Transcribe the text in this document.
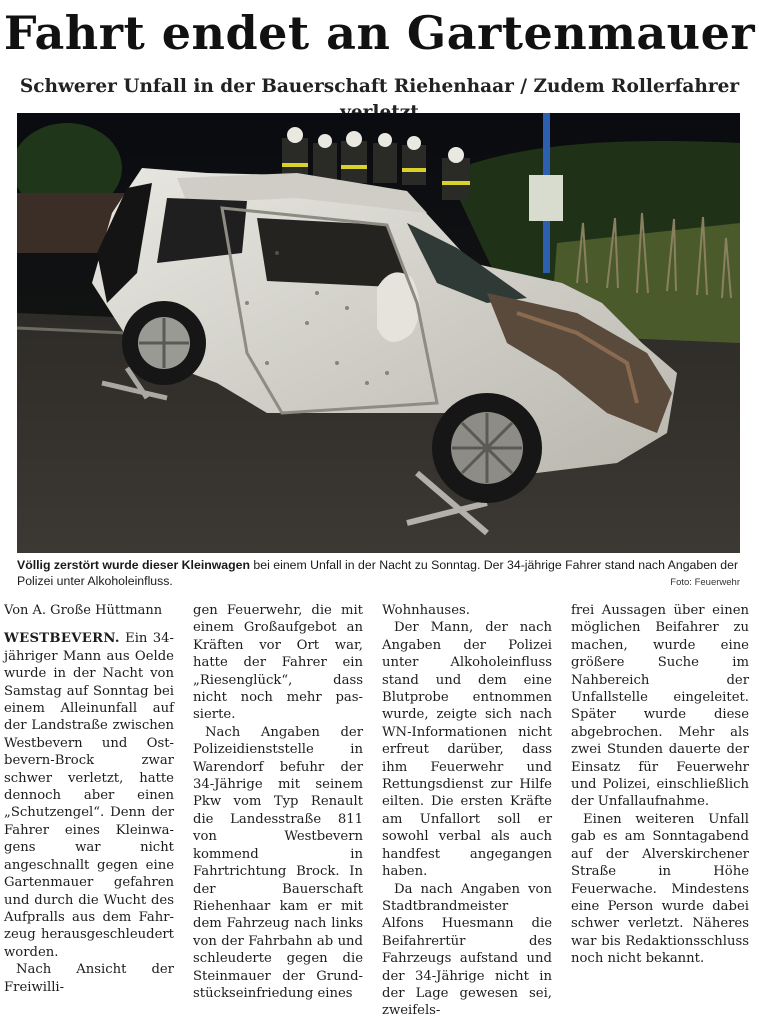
Fahrt endet an Gartenmauer
Schwerer Unfall in der Bauerschaft Riehenhaar / Zudem Rollerfahrer
Völlig zerstört wurde dieser Kleinwagen bei einem Unfall in der Nacht zu Sonntag. Der 34-jährige Fahrer stand nach Angaben der Polizei unter Alkoholeinfluss.	Foto: Feuerwehr

Von A. Große Hüttmann

WESTBEVERN. Ein 34-jähriger Mann aus Oelde wurde in der Nacht von Samstag auf Sonntag bei einem Alleinunfall auf der Landstraße zwischen Westbevern und Ostbevern-Brock zwar schwer verletzt, hatte dennoch aber einen „Schutzengel“. Denn der Fahrer eines Kleinwagens war nicht angeschnallt gegen eine Gartenmauer gefahren und durch die Wucht des Aufpralls aus dem Fahrzeug herausgeschleudert worden.

Nach Ansicht der Freiwilli-

gen Feuerwehr, die mit einem Großaufgebot an Kräften vor Ort war, hatte der Fahrer ein „Riesenglück“, dass nicht noch mehr passierte.

Nach Angaben der Polizeidienststelle in Warendorf befuhr der 34-Jährige mit seinem Pkw vom Typ Renault die Landesstraße 811 von Westbevern kommend in Fahrtrichtung Brock. In der Bauerschaft Riehenhaar kam er mit dem Fahrzeug nach links von der Fahrbahn ab und schleuderte gegen die Steinmauer der Grundstückseinfriedung eines

Wohnhauses.

Der Mann, der nach Angaben der Polizei unter Alkoholeinfluss stand und dem eine Blutprobe entnommen wurde, zeigte sich nach WN-Informationen nicht erfreut darüber, dass ihm Feuerwehr und Rettungsdienst zur Hilfe eilten. Die ersten Kräfte am Unfallort soll er sowohl verbal als auch handfest angegangen haben.

Da nach Angaben von Stadtbrandmeister Alfons Huesmann die Beifahrertür des Fahrzeugs aufstand und der 34-Jährige nicht in der Lage gewesen sei, zweifels-

frei Aussagen über einen möglichen Beifahrer zu machen, wurde eine größere Suche im Nahbereich der Unfallstelle eingeleitet. Später wurde diese abgebrochen. Mehr als zwei Stunden dauerte der Einsatz für Feuerwehr und Polizei, einschließlich der Unfallaufnahme.

Einen weiteren Unfall gab es am Sonntagabend auf der Alverskirchener Straße in Höhe Feuerwache. Mindestens eine Person wurde dabei schwer verletzt. Näheres war bis Redaktionsschluss noch nicht bekannt.
